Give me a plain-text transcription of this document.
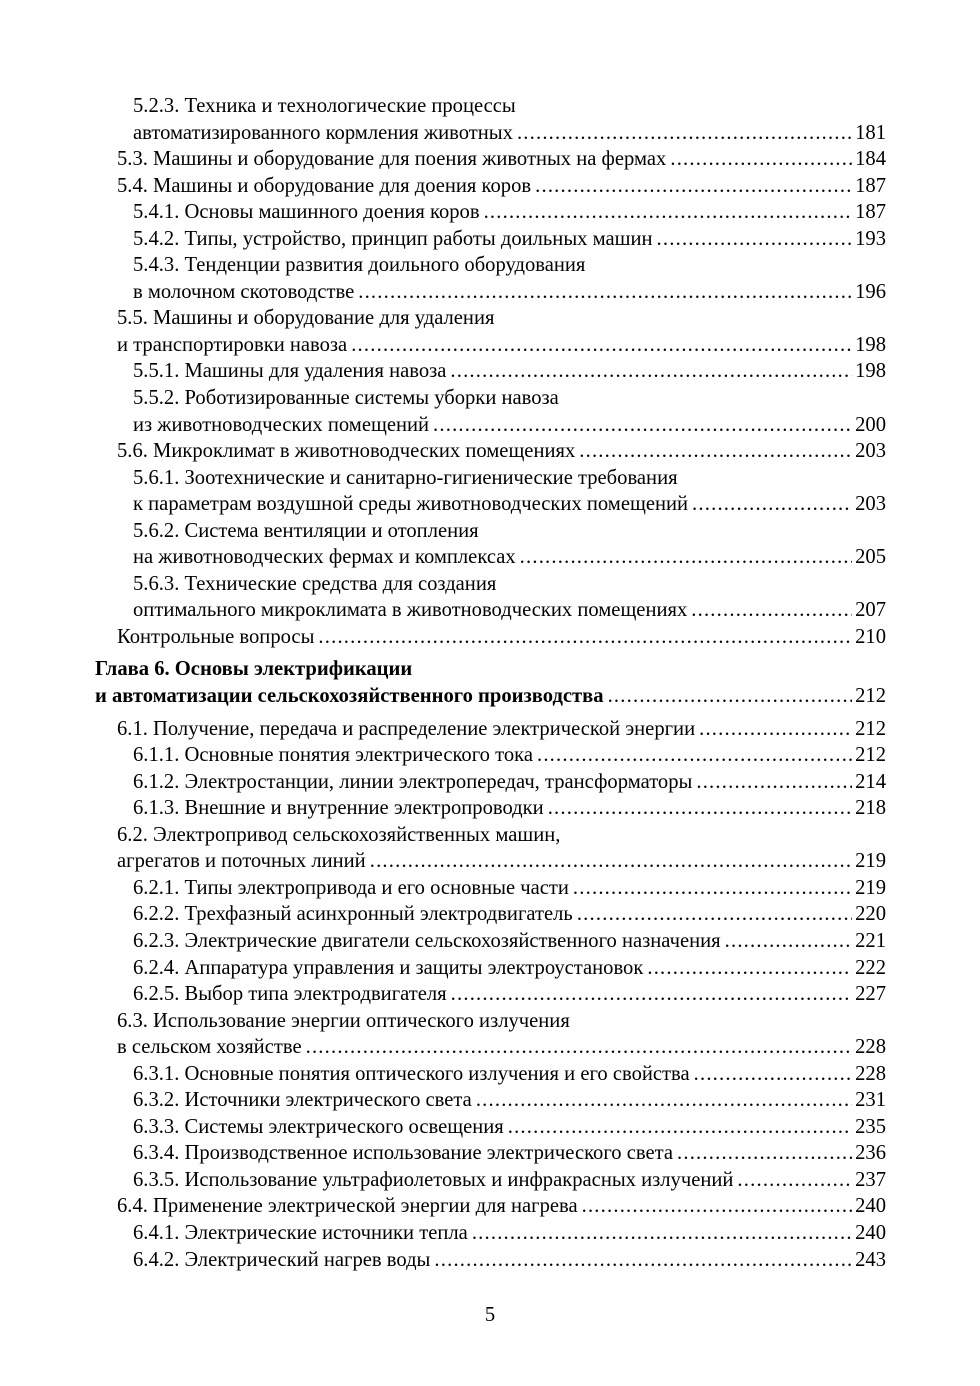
5.2.3. Техника и технологические процессы
автоматизированного кормления животных .....	181
5.3. Машины и оборудование для поения животных на фермах .....	184
5.4. Машины и оборудование для доения коров .....	187
5.4.1. Основы машинного доения коров .....	187
5.4.2. Типы, устройство, принцип работы доильных машин .....	193
5.4.3. Тенденции развития доильного оборудования
в молочном скотоводстве .....	196
5.5. Машины и оборудование для удаления
и транспортировки навоза .....	198
5.5.1. Машины для удаления навоза .....	198
5.5.2. Роботизированные системы уборки навоза
из животноводческих помещений .....	200
5.6. Микроклимат в животноводческих помещениях .....	203
5.6.1. Зоотехнические и санитарно-гигиенические требования
к параметрам воздушной среды животноводческих помещений .....	203
5.6.2. Система вентиляции и отопления
на животноводческих фермах и комплексах .....	205
5.6.3. Технические средства для создания
оптимального микроклимата в животноводческих помещениях .....	207
Контрольные вопросы .....	210
Глава 6. Основы электрификации
и автоматизации сельскохозяйственного производства .....	212
6.1. Получение, передача и распределение электрической энергии .....	212
6.1.1. Основные понятия электрического тока .....	212
6.1.2. Электростанции, линии электропередач, трансформаторы .....	214
6.1.3. Внешние и внутренние электропроводки .....	218
6.2. Электропривод сельскохозяйственных машин,
агрегатов и поточных линий .....	219
6.2.1. Типы электропривода и его основные части .....	219
6.2.2. Трехфазный асинхронный электродвигатель .....	220
6.2.3. Электрические двигатели сельскохозяйственного назначения .....	221
6.2.4. Аппаратура управления и защиты электроустановок .....	222
6.2.5. Выбор типа электродвигателя .....	227
6.3. Использование энергии оптического излучения
в сельском хозяйстве .....	228
6.3.1. Основные понятия оптического излучения и его свойства .....	228
6.3.2. Источники электрического света .....	231
6.3.3. Системы электрического освещения .....	235
6.3.4. Производственное использование электрического света .....	236
6.3.5. Использование ультрафиолетовых и инфракрасных излучений .....	237
6.4. Применение электрической энергии для нагрева .....	240
6.4.1. Электрические источники тепла .....	240
6.4.2. Электрический нагрев воды .....	243
5
